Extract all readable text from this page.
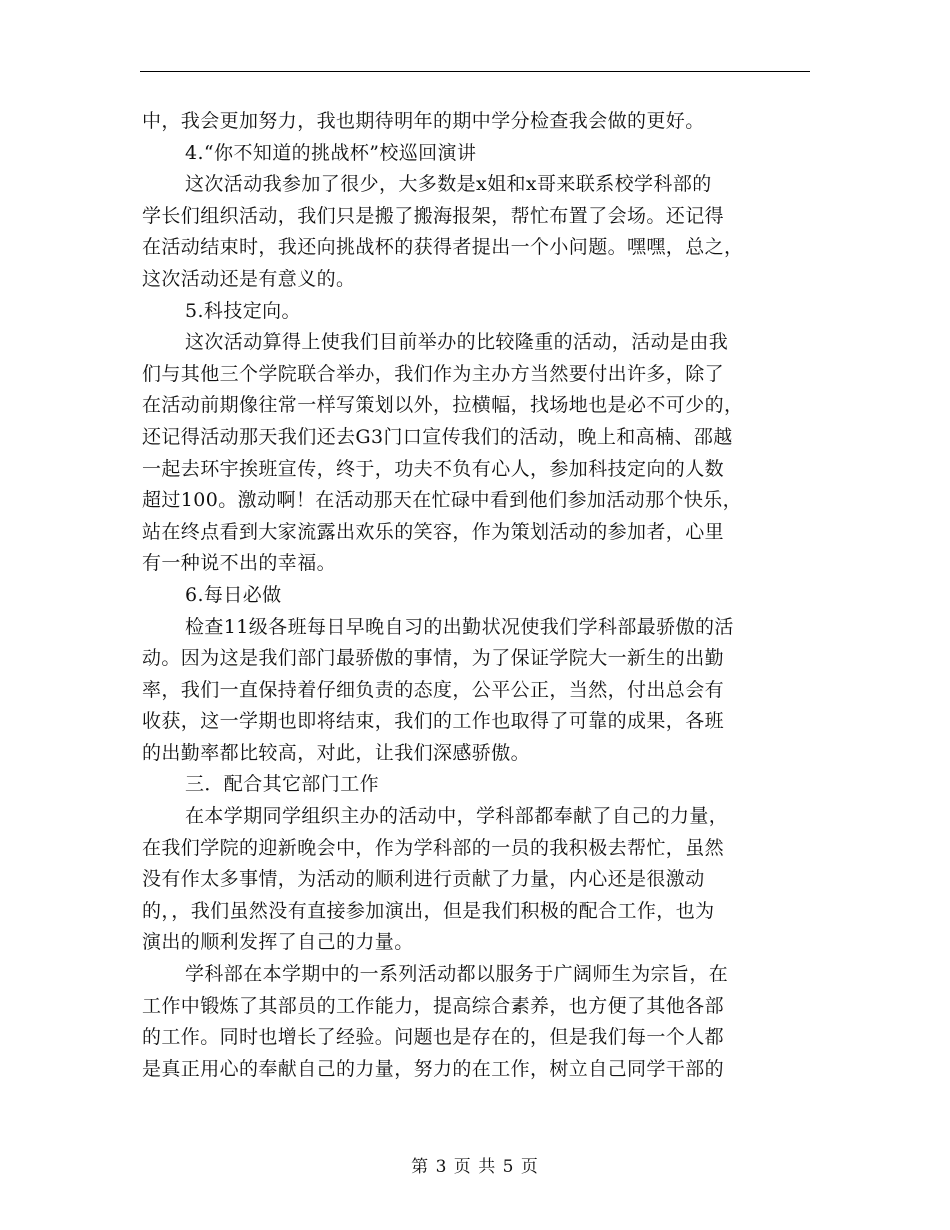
中，我会更加努力，我也期待明年的期中学分检查我会做的更好。
4.“你不知道的挑战杯”校巡回演讲
这次活动我参加了很少，大多数是x姐和x哥来联系校学科部的
学长们组织活动，我们只是搬了搬海报架，帮忙布置了会场。还记得
在活动结束时，我还向挑战杯的获得者提出一个小问题。嘿嘿，总之，
这次活动还是有意义的。
5.科技定向。
这次活动算得上使我们目前举办的比较隆重的活动，活动是由我
们与其他三个学院联合举办，我们作为主办方当然要付出许多，除了
在活动前期像往常一样写策划以外，拉横幅，找场地也是必不可少的，
还记得活动那天我们还去G3门口宣传我们的活动，晚上和高楠、邵越
一起去环宇挨班宣传，终于，功夫不负有心人，参加科技定向的人数
超过100。激动啊！在活动那天在忙碌中看到他们参加活动那个快乐，
站在终点看到大家流露出欢乐的笑容，作为策划活动的参加者，心里
有一种说不出的幸福。
6.每日必做
检查11级各班每日早晚自习的出勤状况使我们学科部最骄傲的活
动。因为这是我们部门最骄傲的事情，为了保证学院大一新生的出勤
率，我们一直保持着仔细负责的态度，公平公正，当然，付出总会有
收获，这一学期也即将结束，我们的工作也取得了可靠的成果，各班
的出勤率都比较高，对此，让我们深感骄傲。
三．配合其它部门工作
在本学期同学组织主办的活动中，学科部都奉献了自己的力量，
在我们学院的迎新晚会中，作为学科部的一员的我积极去帮忙，虽然
没有作太多事情，为活动的顺利进行贡献了力量，内心还是很激动
的，，我们虽然没有直接参加演出，但是我们积极的配合工作，也为
演出的顺利发挥了自己的力量。
学科部在本学期中的一系列活动都以服务于广阔师生为宗旨，在
工作中锻炼了其部员的工作能力，提高综合素养，也方便了其他各部
的工作。同时也增长了经验。问题也是存在的，但是我们每一个人都
是真正用心的奉献自己的力量，努力的在工作，树立自己同学干部的
第 3 页 共 5 页
